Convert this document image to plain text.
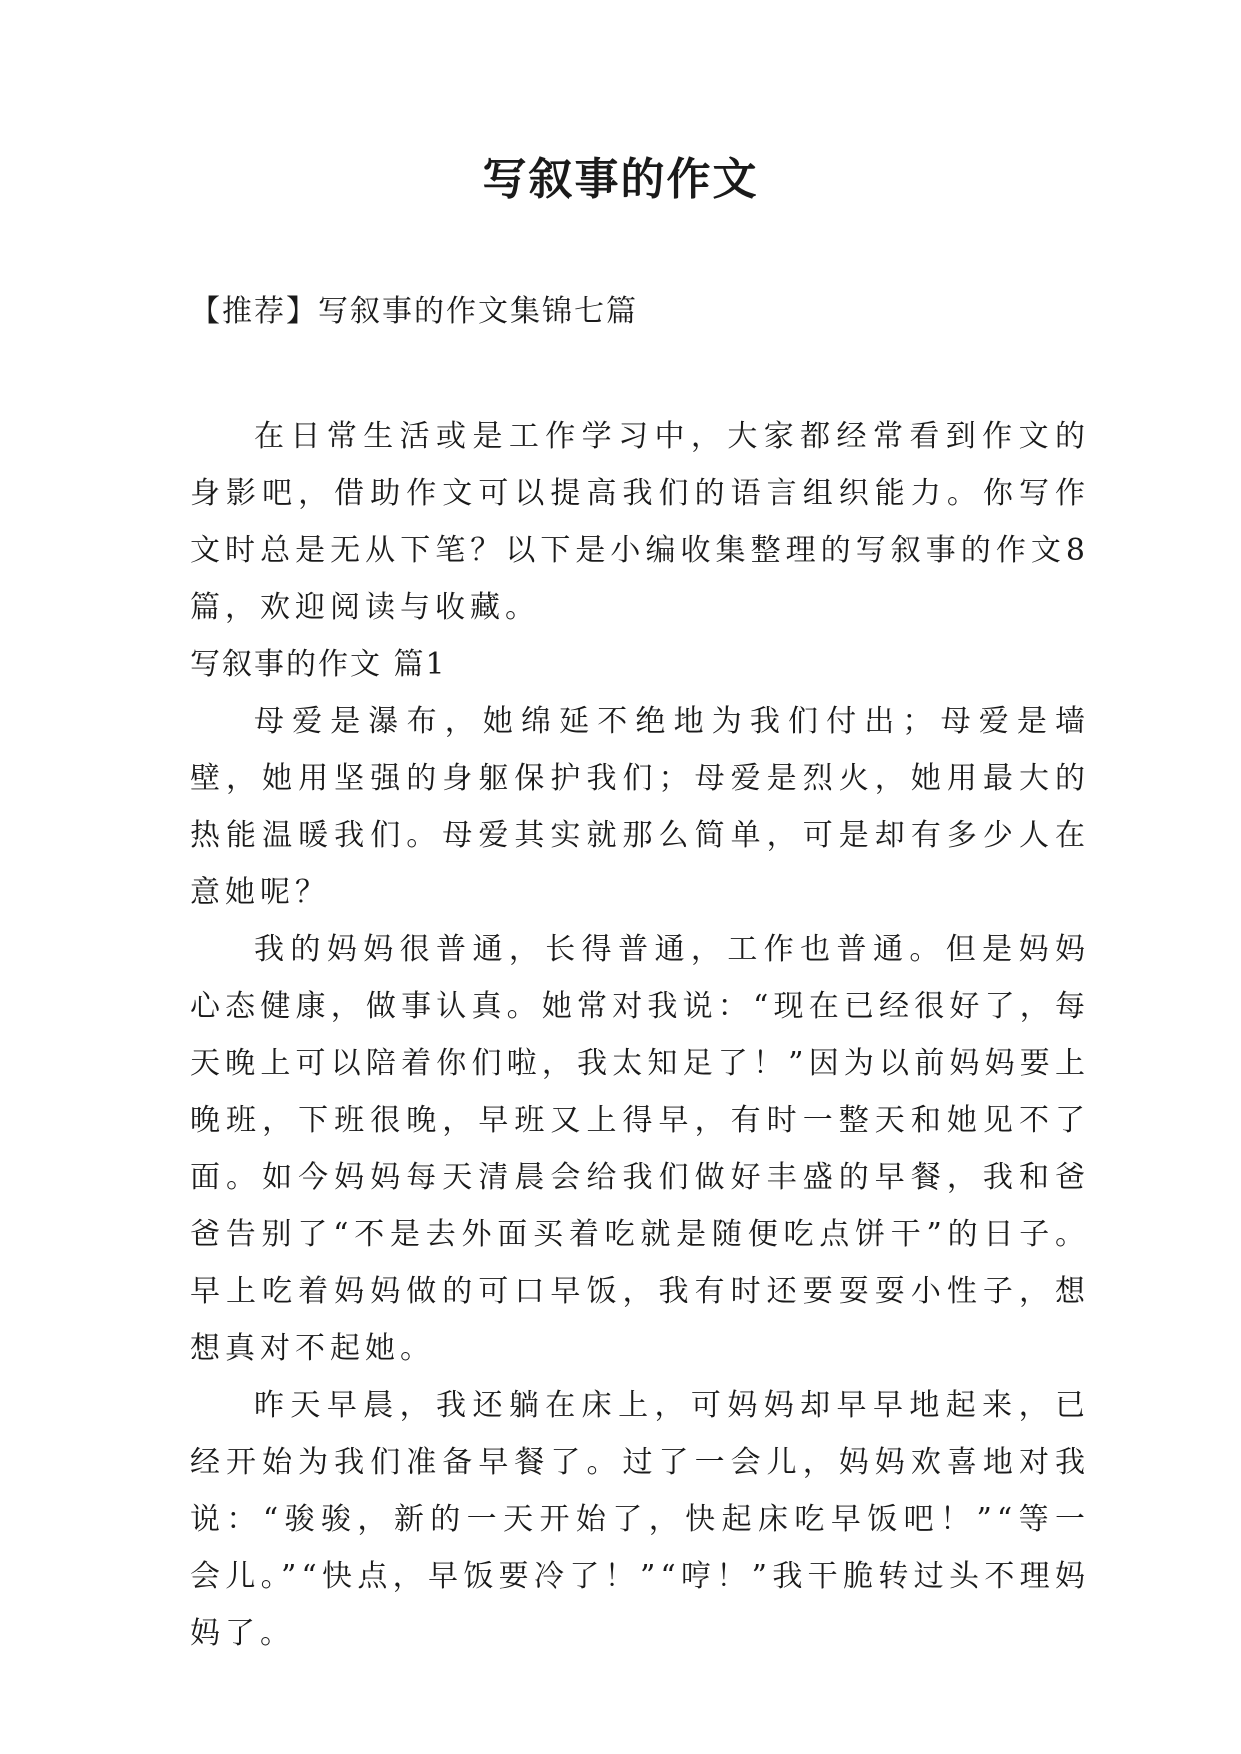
写叙事的作文
【推荐】写叙事的作文集锦七篇

在日常生活或是工作学习中，大家都经常看到作文的身影吧，借助作文可以提高我们的语言组织能力。你写作文时总是无从下笔？以下是小编收集整理的写叙事的作文8篇，欢迎阅读与收藏。

写叙事的作文 篇1

母爱是瀑布，她绵延不绝地为我们付出；母爱是墙壁，她用坚强的身躯保护我们；母爱是烈火，她用最大的热能温暖我们。母爱其实就那么简单，可是却有多少人在意她呢？

我的妈妈很普通，长得普通，工作也普通。但是妈妈心态健康，做事认真。她常对我说：“现在已经很好了，每天晚上可以陪着你们啦，我太知足了！”因为以前妈妈要上晚班，下班很晚，早班又上得早，有时一整天和她见不了面。如今妈妈每天清晨会给我们做好丰盛的早餐，我和爸爸告别了“不是去外面买着吃就是随便吃点饼干”的日子。早上吃着妈妈做的可口早饭，我有时还要耍耍小性子，想想真对不起她。

昨天早晨，我还躺在床上，可妈妈却早早地起来，已经开始为我们准备早餐了。过了一会儿，妈妈欢喜地对我说：“骏骏，新的一天开始了，快起床吃早饭吧！”“等一会儿。”“快点，早饭要冷了！”“哼！”我干脆转过头不理妈妈了。
